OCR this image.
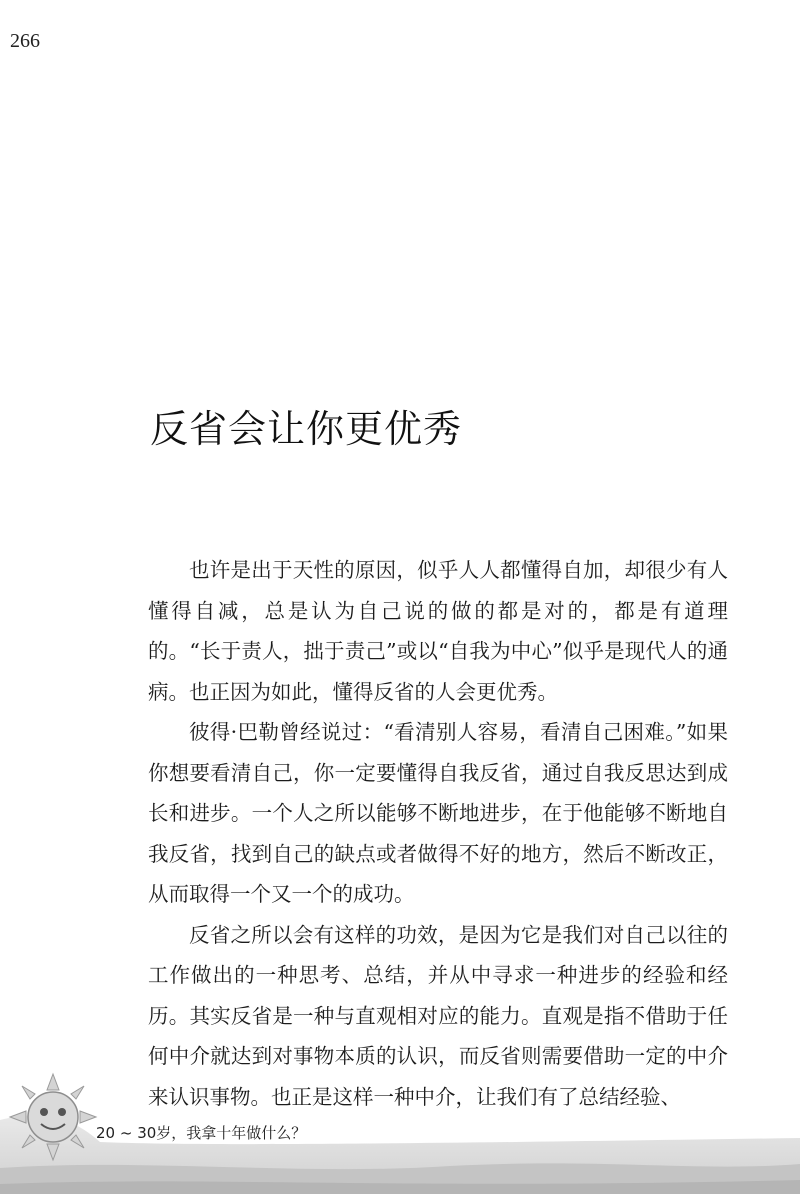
266
反省会让你更优秀

也许是出于天性的原因，似乎人人都懂得自加，却很少有人懂得自减，总是认为自己说的做的都是对的，都是有道理的。“长于责人，拙于责己”或以“自我为中心”似乎是现代人的通病。也正因为如此，懂得反省的人会更优秀。

彼得·巴勒曾经说过：“看清别人容易，看清自己困难。”如果你想要看清自己，你一定要懂得自我反省，通过自我反思达到成长和进步。一个人之所以能够不断地进步，在于他能够不断地自我反省，找到自己的缺点或者做得不好的地方，然后不断改正，从而取得一个又一个的成功。

反省之所以会有这样的功效，是因为它是我们对自己以往的工作做出的一种思考、总结，并从中寻求一种进步的经验和经历。其实反省是一种与直观相对应的能力。直观是指不借助于任何中介就达到对事物本质的认识，而反省则需要借助一定的中介来认识事物。也正是这样一种中介，让我们有了总结经验、

20 ~ 30岁，我拿十年做什么？
